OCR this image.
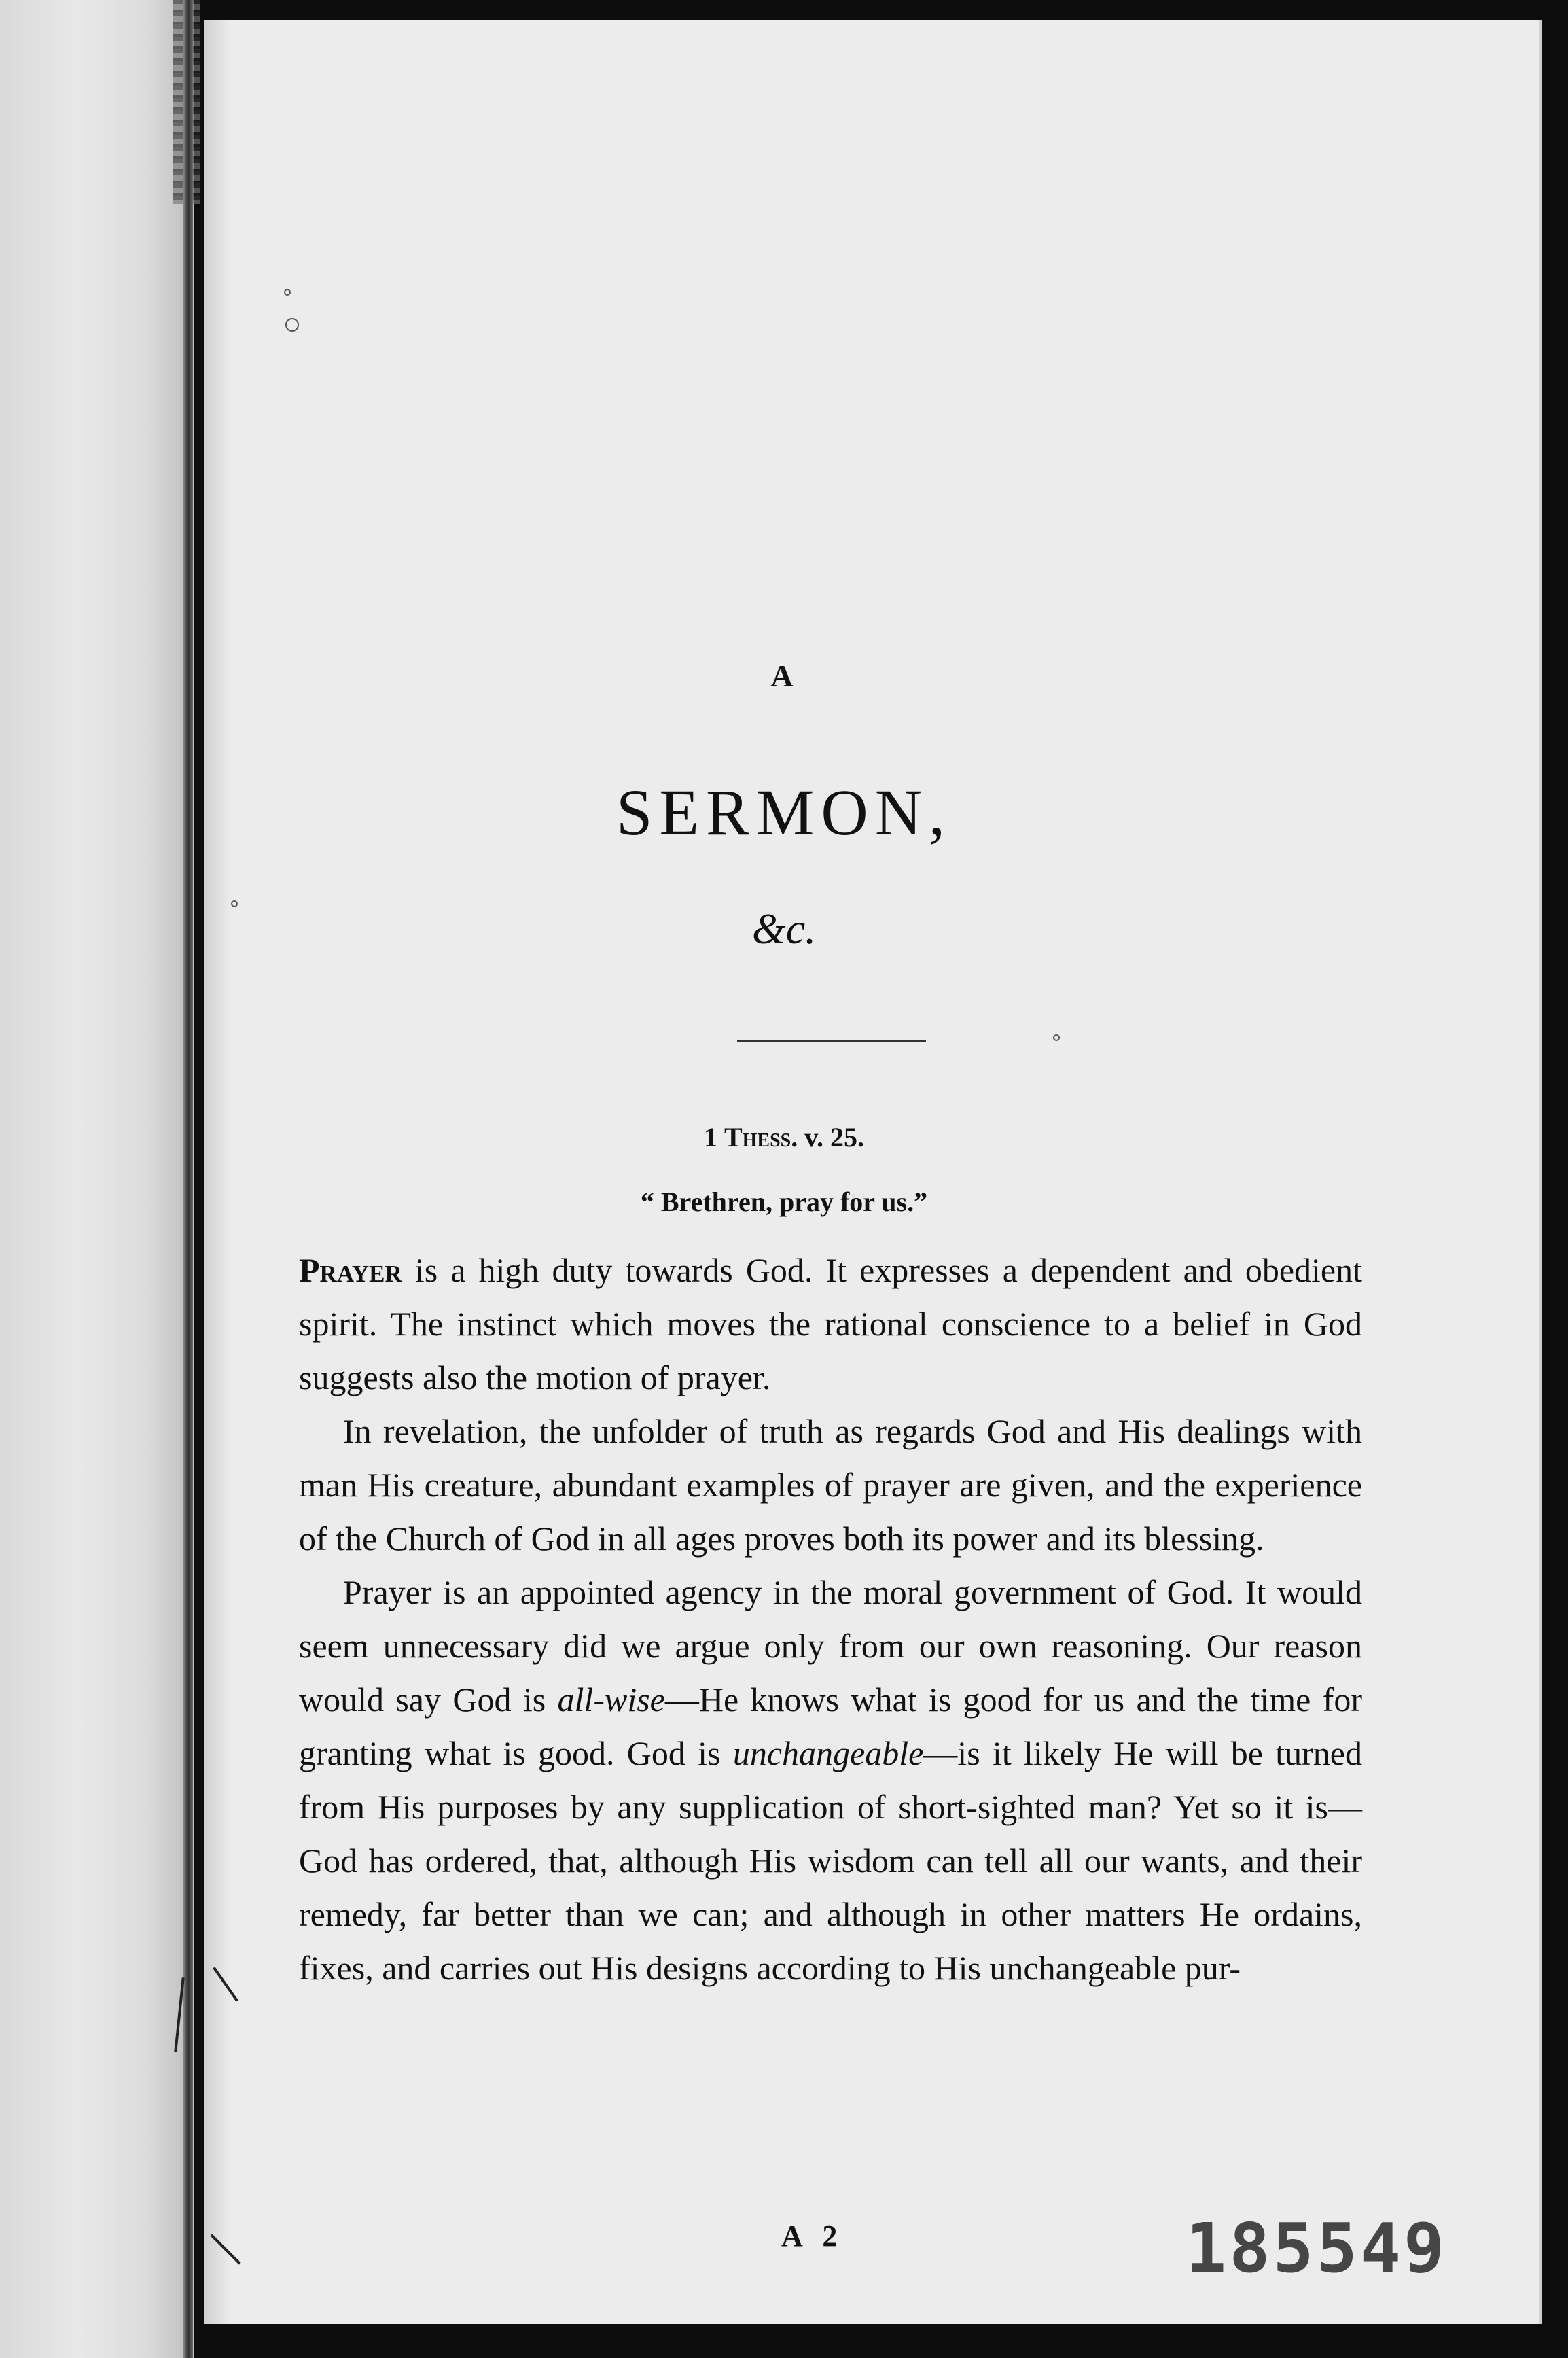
A
SERMON,
&c.
1 Thess. v. 25.
“ Brethren, pray for us.”

Prayer is a high duty towards God. It expresses a dependent and obedient spirit. The instinct which moves the rational conscience to a belief in God suggests also the motion of prayer.

In revelation, the unfolder of truth as regards God and His dealings with man His creature, abundant examples of prayer are given, and the experience of the Church of God in all ages proves both its power and its blessing.

Prayer is an appointed agency in the moral government of God. It would seem unnecessary did we argue only from our own reasoning. Our reason would say God is all-wise—He knows what is good for us and the time for granting what is good. God is unchangeable—is it likely He will be turned from His purposes by any supplication of short-sighted man? Yet so it is—God has ordered, that, although His wisdom can tell all our wants, and their remedy, far better than we can; and although in other matters He ordains, fixes, and carries out His designs according to His unchangeable pur-

A 2	185549
